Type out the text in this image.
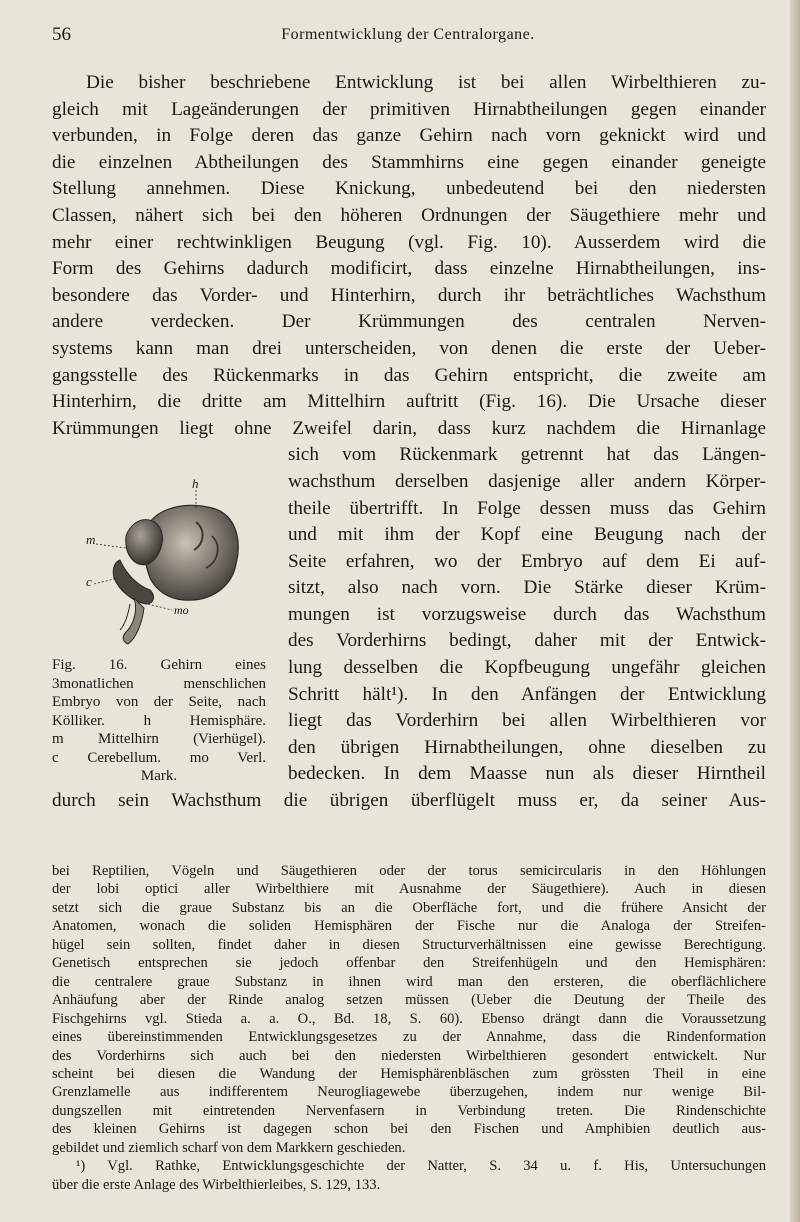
56	Formentwicklung der Centralorgane.
Die bisher beschriebene Entwicklung ist bei allen Wirbelthieren zu-
gleich mit Lageänderungen der primitiven Hirnabtheilungen gegen einander
verbunden, in Folge deren das ganze Gehirn nach vorn geknickt wird und
die einzelnen Abtheilungen des Stammhirns eine gegen einander geneigte
Stellung annehmen. Diese Knickung, unbedeutend bei den niedersten
Classen, nähert sich bei den höheren Ordnungen der Säugethiere mehr und
mehr einer rechtwinkligen Beugung (vgl. Fig. 10). Ausserdem wird die
Form des Gehirns dadurch modificirt, dass einzelne Hirnabtheilungen, ins-
besondere das Vorder- und Hinterhirn, durch ihr beträchtliches Wachsthum
andere verdecken. Der Krümmungen des centralen Nerven-
systems kann man drei unterscheiden, von denen die erste der Ueber-
gangsstelle des Rückenmarks in das Gehirn entspricht, die zweite am
Hinterhirn, die dritte am Mittelhirn auftritt (Fig. 16). Die Ursache dieser
Krümmungen liegt ohne Zweifel darin, dass kurz nachdem die Hirnanlage
sich vom Rückenmark getrennt hat das Längen-
wachsthum derselben dasjenige aller andern Körper-
theile übertrifft. In Folge dessen muss das Gehirn
und mit ihm der Kopf eine Beugung nach der
Seite erfahren, wo der Embryo auf dem Ei auf-
sitzt, also nach vorn. Die Stärke dieser Krüm-
mungen ist vorzugsweise durch das Wachsthum
des Vorderhirns bedingt, daher mit der Entwick-
lung desselben die Kopfbeugung ungefähr gleichen
Schritt hält¹). In den Anfängen der Entwicklung
liegt das Vorderhirn bei allen Wirbelthieren vor
den übrigen Hirnabtheilungen, ohne dieselben zu
bedecken. In dem Maasse nun als dieser Hirntheil
durch sein Wachsthum die übrigen überflügelt muss er, da seiner Aus-
h
m
c
mo
Fig. 16. Gehirn eines
3monatlichen menschlichen
Embryo von der Seite, nach
Kölliker. h Hemisphäre.
m Mittelhirn (Vierhügel).
c Cerebellum. mo Verl.
Mark.
bei Reptilien, Vögeln und Säugethieren oder der torus semicircularis in den Höhlungen
der lobi optici aller Wirbelthiere mit Ausnahme der Säugethiere). Auch in diesen
setzt sich die graue Substanz bis an die Oberfläche fort, und die frühere Ansicht der
Anatomen, wonach die soliden Hemisphären der Fische nur die Analoga der Streifen-
hügel sein sollten, findet daher in diesen Structurverhältnissen eine gewisse Berechtigung.
Genetisch entsprechen sie jedoch offenbar den Streifenhügeln und den Hemisphären:
die centralere graue Substanz in ihnen wird man den ersteren, die oberflächlichere
Anhäufung aber der Rinde analog setzen müssen (Ueber die Deutung der Theile des
Fischgehirns vgl. Stieda a. a. O., Bd. 18, S. 60). Ebenso drängt dann die Voraussetzung
eines übereinstimmenden Entwicklungsgesetzes zu der Annahme, dass die Rindenformation
des Vorderhirns sich auch bei den niedersten Wirbelthieren gesondert entwickelt. Nur
scheint bei diesen die Wandung der Hemisphärenbläschen zum grössten Theil in eine
Grenzlamelle aus indifferentem Neurogliagewebe überzugehen, indem nur wenige Bil-
dungszellen mit eintretenden Nervenfasern in Verbindung treten. Die Rindenschichte
des kleinen Gehirns ist dagegen schon bei den Fischen und Amphibien deutlich aus-
gebildet und ziemlich scharf von dem Markkern geschieden.
¹) Vgl. Rathke, Entwicklungsgeschichte der Natter, S. 34 u. f. His, Untersuchungen
über die erste Anlage des Wirbelthierleibes, S. 129, 133.
